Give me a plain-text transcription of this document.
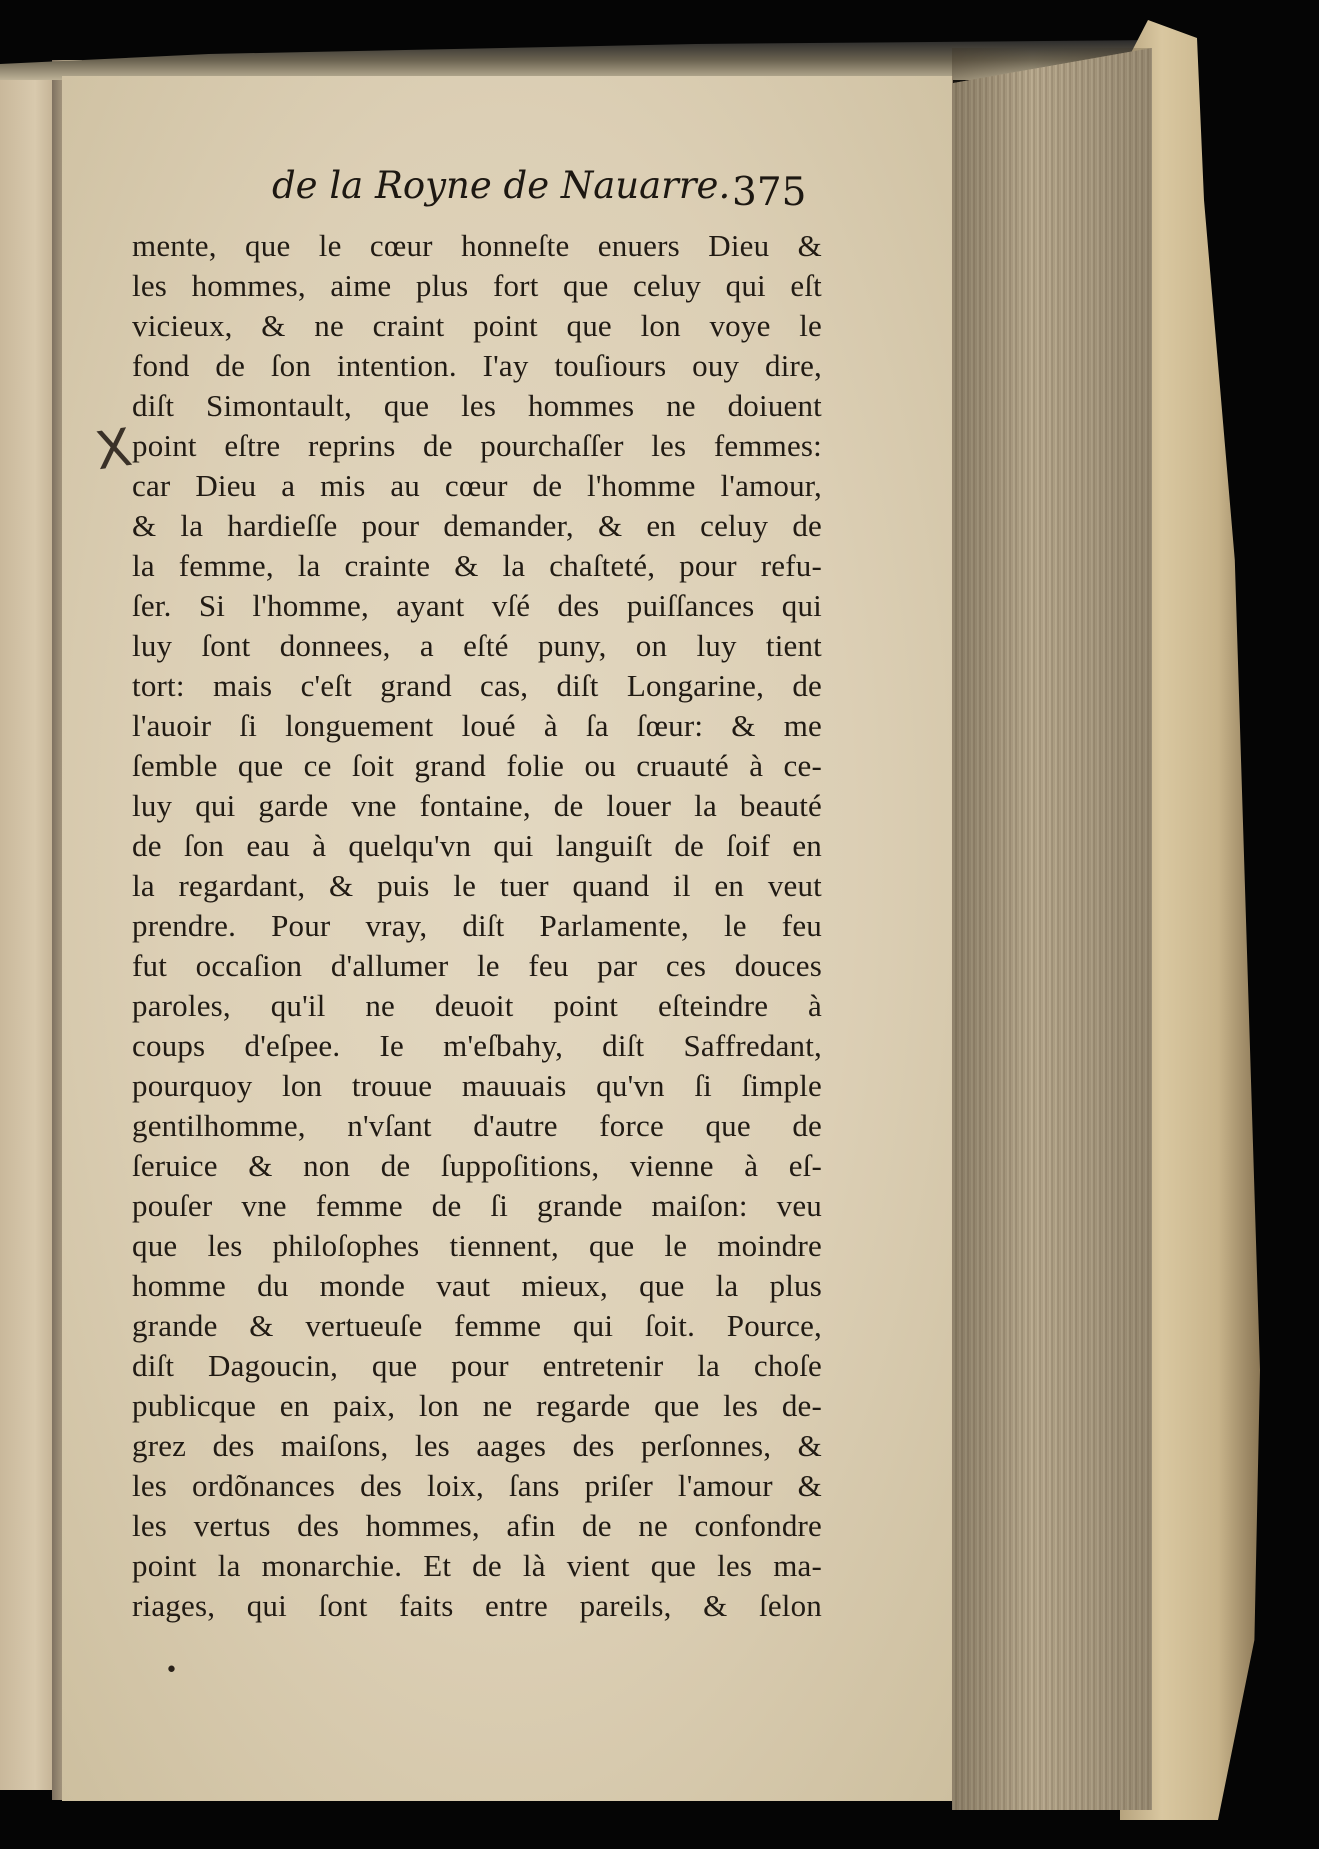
de la Royne de Nauarre. 375
X
mente, que le cœur honneſte enuers Dieu &
les hommes, aime plus fort que celuy qui eſt
vicieux, & ne craint point que lon voye le
fond de ſon intention. I'ay touſiours ouy dire,
diſt Simontault, que les hommes ne doiuent
point eſtre reprins de pourchaſſer les femmes:
car Dieu a mis au cœur de l'homme l'amour,
& la hardieſſe pour demander, & en celuy de
la femme, la crainte & la chaſteté, pour refu-
ſer. Si l'homme, ayant vſé des puiſſances qui
luy ſont donnees, a eſté puny, on luy tient
tort: mais c'eſt grand cas, diſt Longarine, de
l'auoir ſi longuement loué à ſa ſœur: & me
ſemble que ce ſoit grand folie ou cruauté à ce-
luy qui garde vne fontaine, de louer la beauté
de ſon eau à quelqu'vn qui languiſt de ſoif en
la regardant, & puis le tuer quand il en veut
prendre. Pour vray, diſt Parlamente, le feu
fut occaſion d'allumer le feu par ces douces
paroles, qu'il ne deuoit point eſteindre à
coups d'eſpee. Ie m'eſbahy, diſt Saffredant,
pourquoy lon trouue mauuais qu'vn ſi ſimple
gentilhomme, n'vſant d'autre force que de
ſeruice & non de ſuppoſitions, vienne à eſ-
pouſer vne femme de ſi grande maiſon: veu
que les philoſophes tiennent, que le moindre
homme du monde vaut mieux, que la plus
grande & vertueuſe femme qui ſoit. Pource,
diſt Dagoucin, que pour entretenir la choſe
publicque en paix, lon ne regarde que les de-
grez des maiſons, les aages des perſonnes, &
les ordõnances des loix, ſans priſer l'amour &
les vertus des hommes, afin de ne confondre
point la monarchie. Et de là vient que les ma-
riages, qui ſont faits entre pareils, & ſelon
•
